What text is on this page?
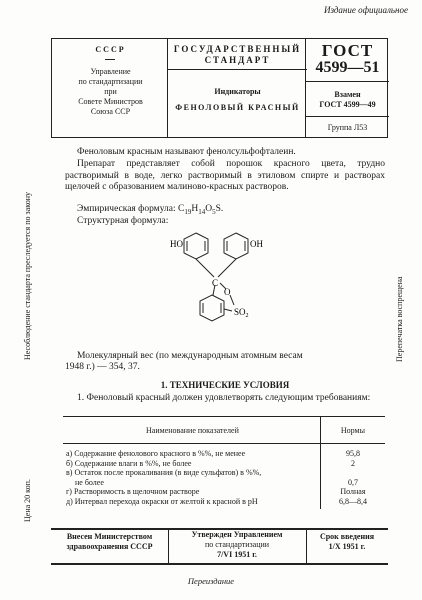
Издание официальное
СССР
Управление
по стандартизации
при
Совете Министров
Союза ССР
ГОСУДАРСТВЕННЫЙ
СТАНДАРТ
Индикаторы
ФЕНОЛОВЫЙ КРАСНЫЙ
ГОСТ
4599—51
Взамен
ГОСТ 4599—49
Группа Л53
Несоблюдение стандарта преследуется по закону
Цена 20 коп.
Перепечатка воспрещена
Феноловым красным называют фенолсульфофталеин.
Препарат представляет собой порошок красного цвета, трудно растворимый в воде, легко растворимый в этиловом спирте и растворах щелочей с образованием малиново-красных растворов.
Эмпирическая формула: $C_{19}H_{14}O_5S$.
Структурная формула:
HO	OH
C
O
$SO_2$
Молекулярный вес (по международным атомным весам
1948 г.) — 354, 37.
1. ТЕХНИЧЕСКИЕ УСЛОВИЯ
1. Феноловый красный должен удовлетворять следующим требованиям:
Наименование показателей	Нормы
а) Содержание фенолового красного в %%, не менее	95,8
б) Содержание влаги в %%, не более	2
в) Остаток после прокаливания (в виде сульфатов) в %%,	
не более	0,7
г) Растворимость в щелочном растворе	Полная
д) Интервал перехода окраски от желтой к красной в pH	6,8—8,4
Внесен Министерством
здравоохранения СССР
Утвержден Управлением
по стандартизации
7/VI 1951 г.
Срок введения
1/X 1951 г.
Переиздание
